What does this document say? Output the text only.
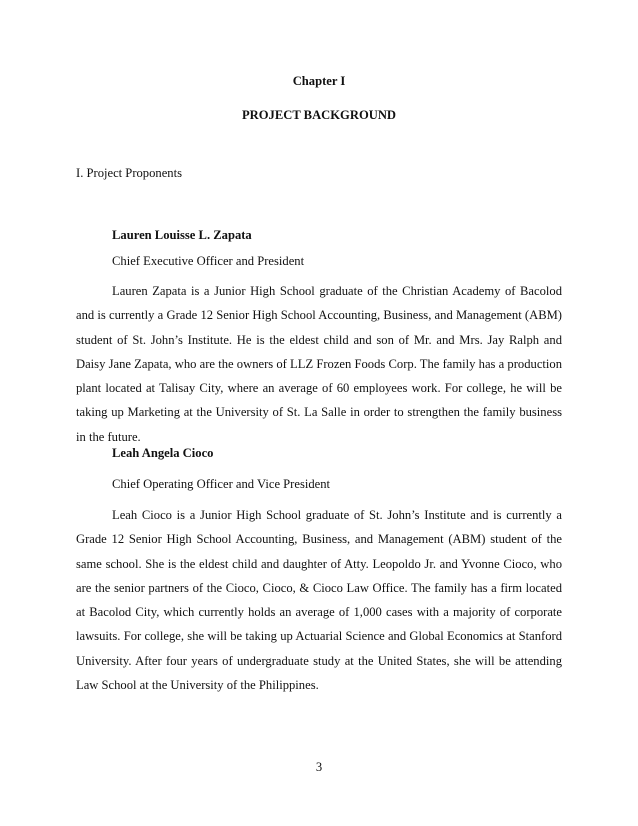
Chapter I
PROJECT BACKGROUND
I. Project Proponents
Lauren Louisse L. Zapata
Chief Executive Officer and President

Lauren Zapata is a Junior High School graduate of the Christian Academy of Bacolod and is currently a Grade 12 Senior High School Accounting, Business, and Management (ABM) student of St. John’s Institute. He is the eldest child and son of Mr. and Mrs. Jay Ralph and Daisy Jane Zapata, who are the owners of LLZ Frozen Foods Corp. The family has a production plant located at Talisay City, where an average of 60 employees work. For college, he will be taking up Marketing at the University of St. La Salle in order to strengthen the family business in the future.

Leah Angela Cioco
Chief Operating Officer and Vice President

Leah Cioco is a Junior High School graduate of St. John’s Institute and is currently a Grade 12 Senior High School Accounting, Business, and Management (ABM) student of the same school. She is the eldest child and daughter of Atty. Leopoldo Jr. and Yvonne Cioco, who are the senior partners of the Cioco, Cioco, & Cioco Law Office. The family has a firm located at Bacolod City, which currently holds an average of 1,000 cases with a majority of corporate lawsuits. For college, she will be taking up Actuarial Science and Global Economics at Stanford University. After four years of undergraduate study at the United States, she will be attending Law School at the University of the Philippines.

3
